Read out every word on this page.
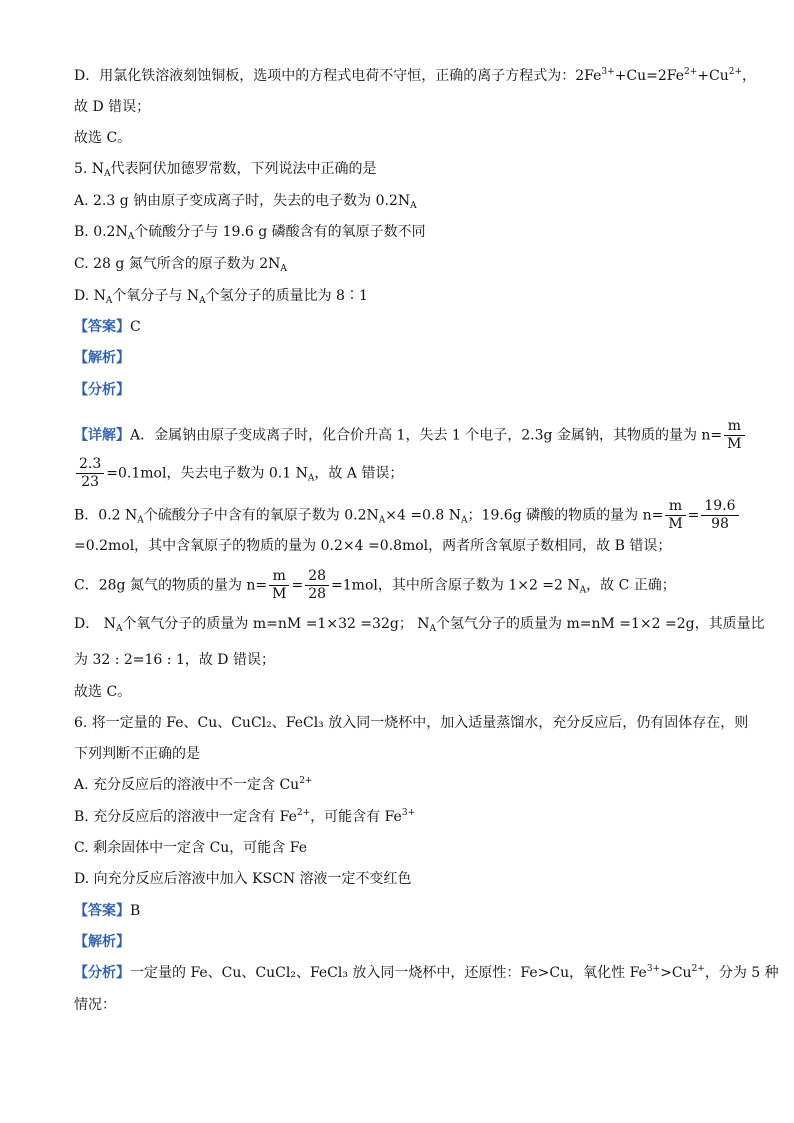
D．用氯化铁溶液刻蚀铜板，选项中的方程式电荷不守恒，正确的离子方程式为：$2Fe^{3+}+Cu=2Fe^{2+}+Cu^{2+}$，
故 D 错误；
故选 C。
5. $N_A$代表阿伏加德罗常数，下列说法中正确的是
A. 2.3 g 钠由原子变成离子时，失去的电子数为 $0.2N_A$
B. $0.2N_A$个硫酸分子与 19.6 g 磷酸含有的氧原子数不同
C. 28 g 氮气所含的原子数为 $2N_A$
D. $N_A$个氧分子与 $N_A$个氢分子的质量比为 8∶1
【答案】C
【解析】
【分析】
【详解】A．金属钠由原子变成离子时，化合价升高 1，失去 1 个电子，2.3g 金属钠，其物质的量为 $n= \frac{m}{M}$
$\frac{2.3}{23} =0.1mol$，失去电子数为 0.1 $N_A$，故 A 错误；
B．0.2 $N_A$个硫酸分子中含有的氧原子数为 $0.2N_A\times 4 =0.8$ $N_A$；19.6g 磷酸的物质的量为 $n= \frac{m}{M} = \frac{19.6}{98}$
=0.2mol，其中含氧原子的物质的量为 0.2×4 =0.8mol，两者所含氧原子数相同，故 B 错误；
C．28g 氮气的物质的量为 $n= \frac{m}{M} = \frac{28}{28} =1mol$，其中所含原子数为 1×2 =2 $N_A$，故 C 正确；
D． $N_A$个氧气分子的质量为 m=nM =1×32 =32g； $N_A$个氢气分子的质量为 m=nM =1×2 =2g，其质量比
为 32 : 2=16 : 1，故 D 错误；
故选 C。
6. 将一定量的 Fe、Cu、CuCl₂、FeCl₃ 放入同一烧杯中，加入适量蒸馏水，充分反应后，仍有固体存在，则
下列判断不正确的是
A. 充分反应后的溶液中不一定含 $Cu^{2+}$
B. 充分反应后的溶液中一定含有 $Fe^{2+}$，可能含有 $Fe^{3+}$
C. 剩余固体中一定含 Cu，可能含 Fe
D. 向充分反应后溶液中加入 KSCN 溶液一定不变红色
【答案】B
【解析】
【分析】一定量的 Fe、Cu、CuCl₂、FeCl₃ 放入同一烧杯中，还原性：Fe>Cu，氧化性 $Fe^{3+}>Cu^{2+}$，分为 5 种
情况：
